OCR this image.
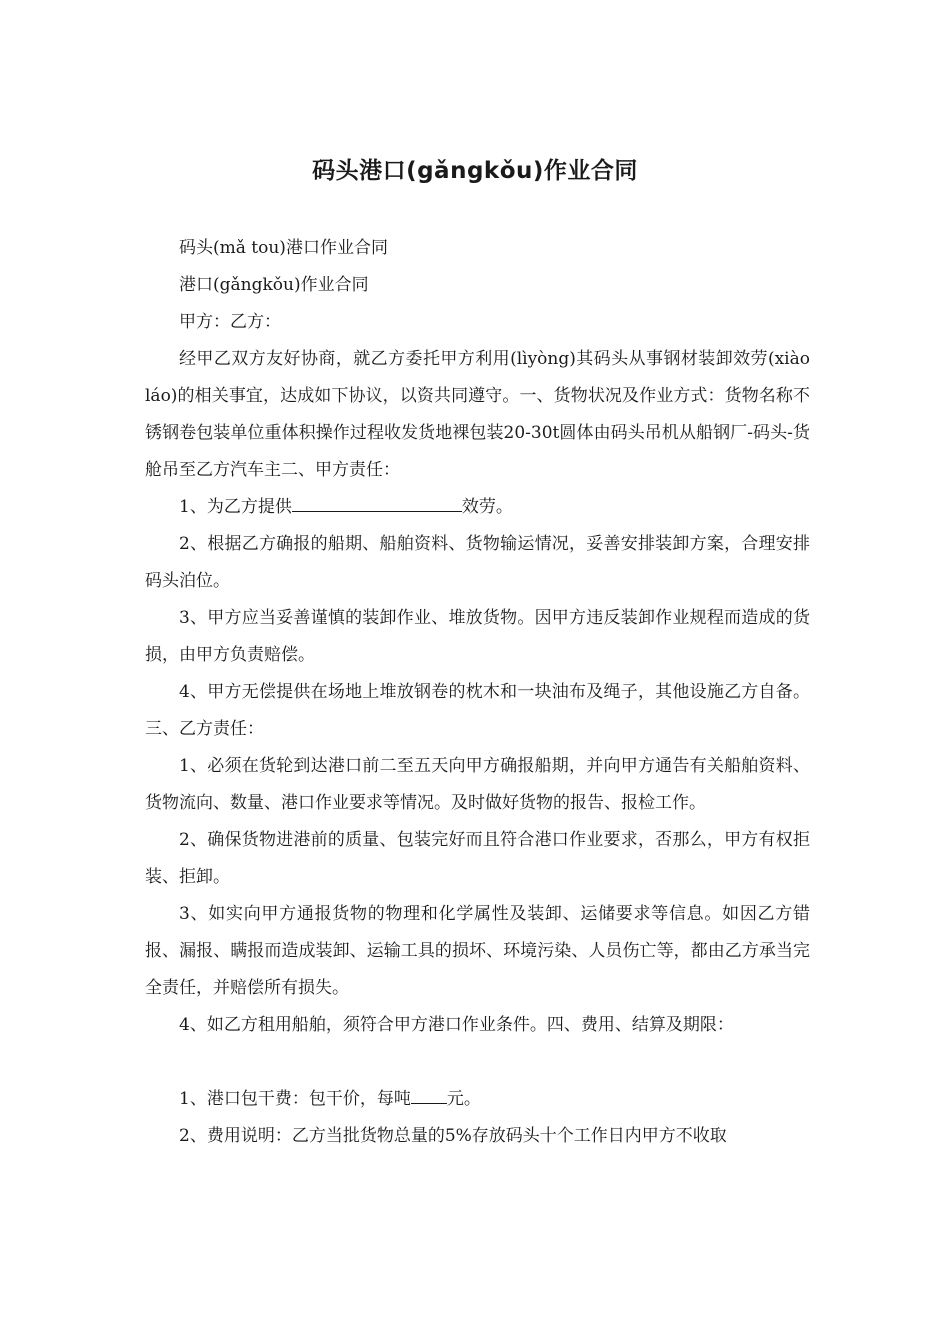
码头港口(gǎngkǒu)作业合同

码头(mǎ tou)港口作业合同

港口(gǎngkǒu)作业合同

甲方：乙方：

经甲乙双方友好协商，就乙方委托甲方利用(lìyòng)其码头从事钢材装卸效劳(xiào láo)的相关事宜，达成如下协议，以资共同遵守。一、货物状况及作业方式：货物名称不锈钢卷包装单位重体积操作过程收发货地裸包装20-30t圆体由码头吊机从船钢厂-码头-货舱吊至乙方汽车主二、甲方责任：

1、为乙方提供	效劳。

2、根据乙方确报的船期、船舶资料、货物输运情况，妥善安排装卸方案，合理安排码头泊位。

3、甲方应当妥善谨慎的装卸作业、堆放货物。因甲方违反装卸作业规程而造成的货损，由甲方负责赔偿。

4、甲方无偿提供在场地上堆放钢卷的枕木和一块油布及绳子，其他设施乙方自备。三、乙方责任：

1、必须在货轮到达港口前二至五天向甲方确报船期，并向甲方通告有关船舶资料、货物流向、数量、港口作业要求等情况。及时做好货物的报告、报检工作。

2、确保货物进港前的质量、包装完好而且符合港口作业要求，否那么，甲方有权拒装、拒卸。

3、如实向甲方通报货物的物理和化学属性及装卸、运储要求等信息。如因乙方错报、漏报、瞒报而造成装卸、运输工具的损坏、环境污染、人员伤亡等，都由乙方承当完全责任，并赔偿所有损失。

4、如乙方租用船舶，须符合甲方港口作业条件。四、费用、结算及期限：

1、港口包干费：包干价，每吨 元。

2、费用说明：乙方当批货物总量的5%存放码头十个工作日内甲方不收取
